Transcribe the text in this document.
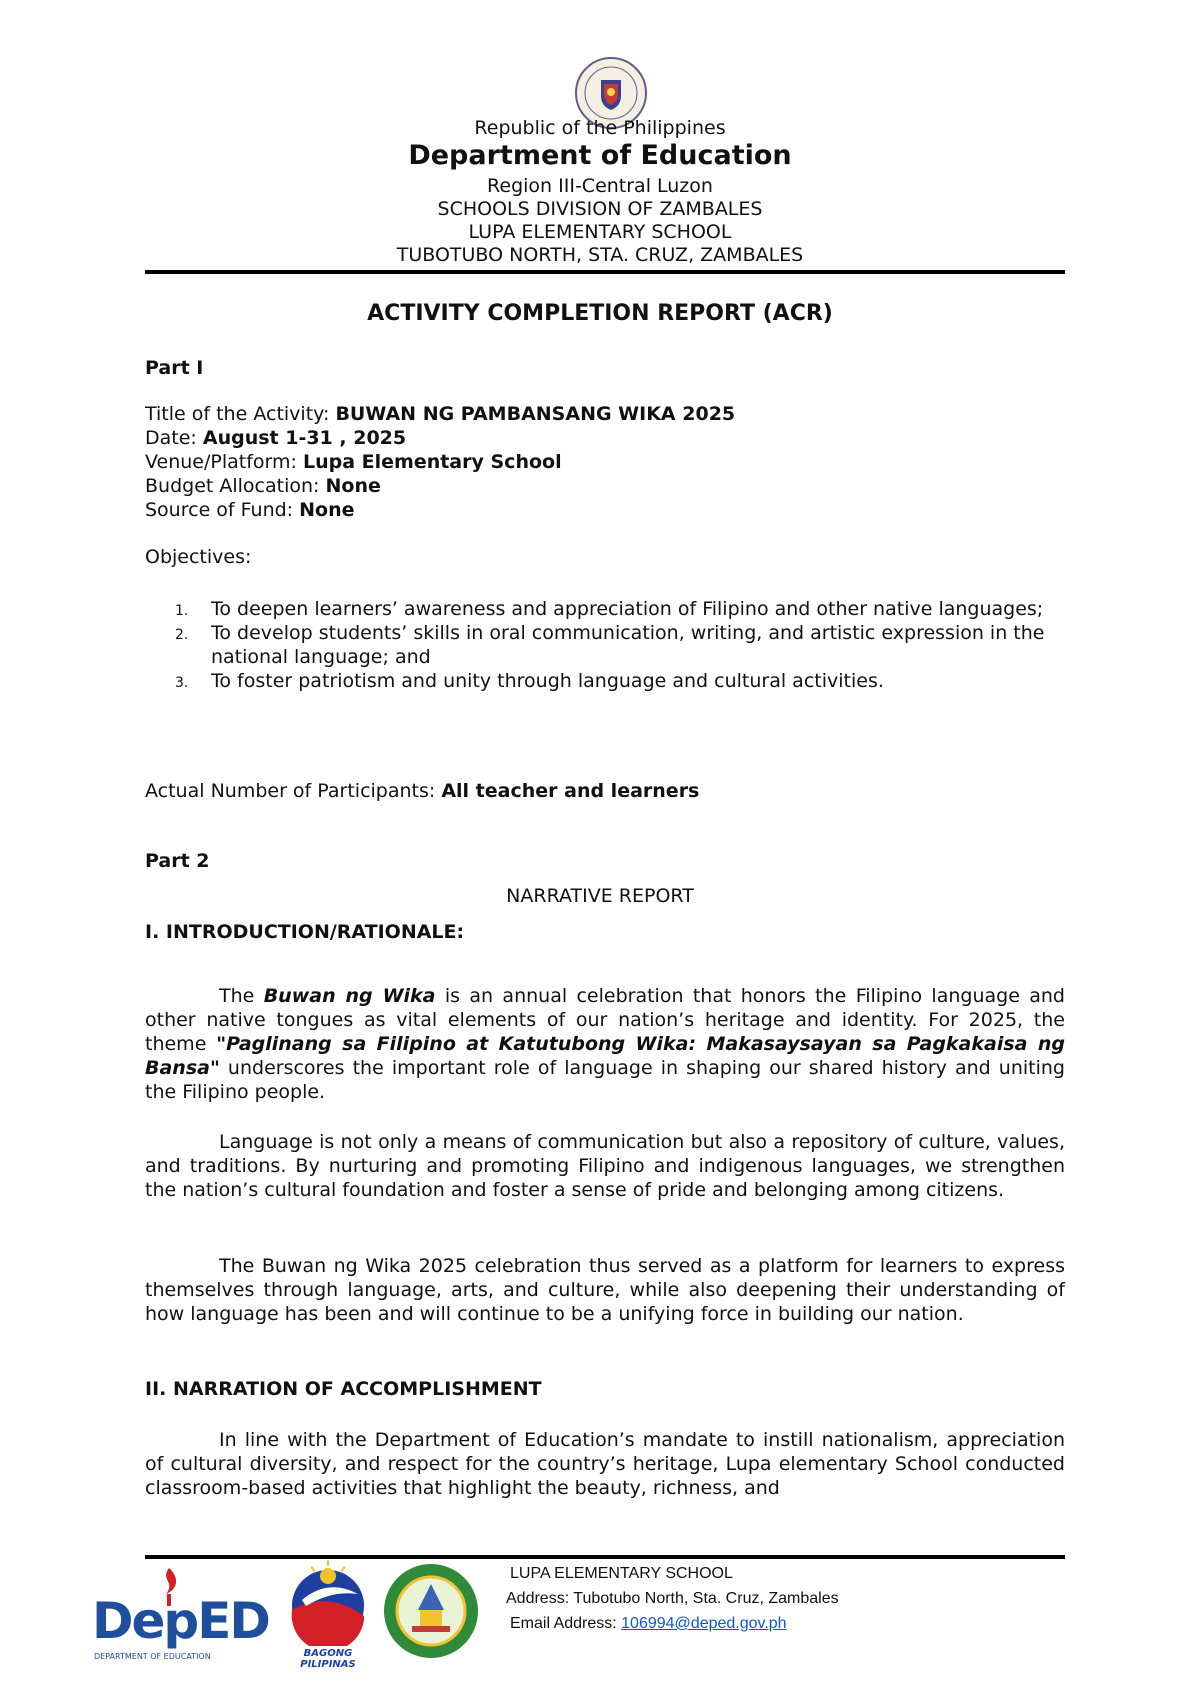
Republic of the Philippines
Department of Education
Region III-Central Luzon
SCHOOLS DIVISION OF ZAMBALES
LUPA ELEMENTARY SCHOOL
TUBOTUBO NORTH, STA. CRUZ, ZAMBALES
ACTIVITY COMPLETION REPORT (ACR)
Part I
Title of the Activity: BUWAN NG PAMBANSANG WIKA 2025
Date: August 1-31 , 2025
Venue/Platform: Lupa Elementary School
Budget Allocation: None
Source of Fund: None
Objectives:
1. To deepen learners’ awareness and appreciation of Filipino and other native languages;
2. To develop students’ skills in oral communication, writing, and artistic expression in the national language; and
3. To foster patriotism and unity through language and cultural activities.
Actual Number of Participants: All teacher and learners
Part 2
NARRATIVE REPORT
I. INTRODUCTION/RATIONALE:
The Buwan ng Wika is an annual celebration that honors the Filipino language and other native tongues as vital elements of our nation’s heritage and identity. For 2025, the theme "Paglinang sa Filipino at Katutubong Wika: Makasaysayan sa Pagkakaisa ng Bansa" underscores the important role of language in shaping our shared history and uniting the Filipino people.
Language is not only a means of communication but also a repository of culture, values, and traditions. By nurturing and promoting Filipino and indigenous languages, we strengthen the nation’s cultural foundation and foster a sense of pride and belonging among citizens.
The Buwan ng Wika 2025 celebration thus served as a platform for learners to express themselves through language, arts, and culture, while also deepening their understanding of how language has been and will continue to be a unifying force in building our nation.
II. NARRATION OF ACCOMPLISHMENT
In line with the Department of Education’s mandate to instill nationalism, appreciation of cultural diversity, and respect for the country’s heritage, Lupa elementary School conducted classroom-based activities that highlight the beauty, richness, and
DepED
DEPARTMENT OF EDUCATION	BAGONG PILIPINAS
LUPA ELEMENTARY SCHOOL
Address: Tubotubo North, Sta. Cruz, Zambales
Email Address: 106994@deped.gov.ph
